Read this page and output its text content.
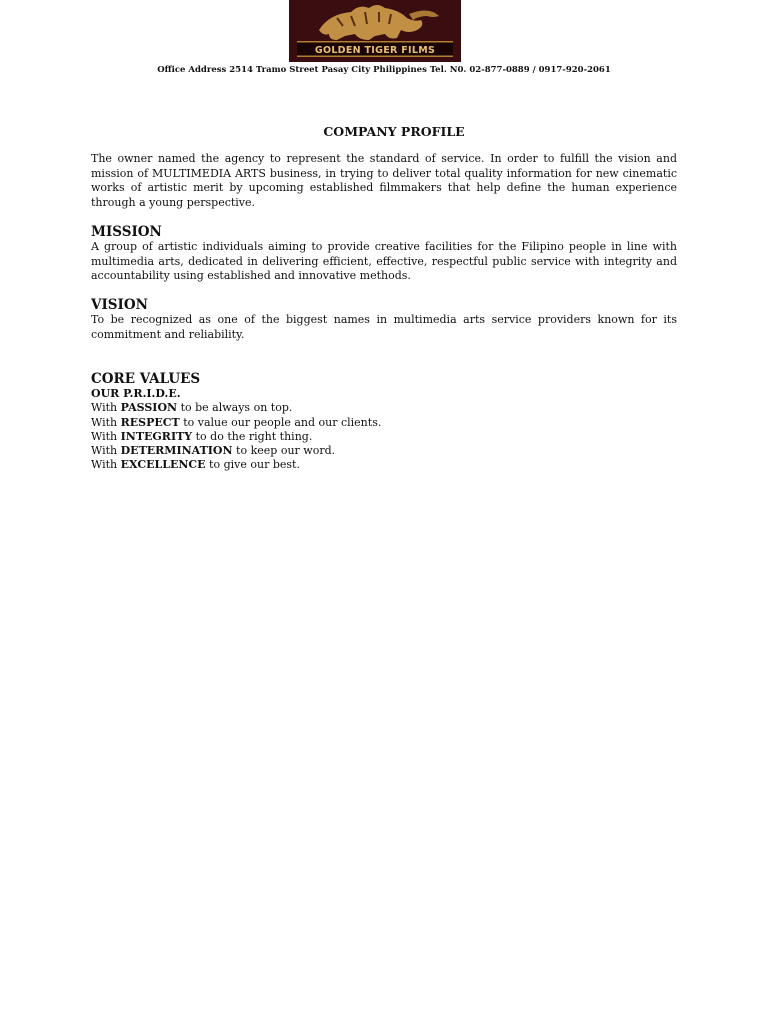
GOLDEN TIGER FILMS
Office Address 2514 Tramo Street Pasay City Philippines Tel. N0. 02-877-0889 / 0917-920-2061
COMPANY PROFILE

The owner named the agency to represent the standard of service. In order to fulfill the vision and mission of MULTIMEDIA ARTS business, in trying to deliver total quality information for new cinematic works of artistic merit by upcoming established filmmakers that help define the human experience through a young perspective.

MISSION

A group of artistic individuals aiming to provide creative facilities for the Filipino people in line with multimedia arts, dedicated in delivering efficient, effective, respectful public service with integrity and accountability using established and innovative methods.

VISION

To be recognized as one of the biggest names in multimedia arts service providers known for its commitment and reliability.

CORE VALUES
OUR P.R.I.D.E.
With PASSION to be always on top.
With RESPECT to value our people and our clients.
With INTEGRITY to do the right thing.
With DETERMINATION to keep our word.
With EXCELLENCE to give our best.
